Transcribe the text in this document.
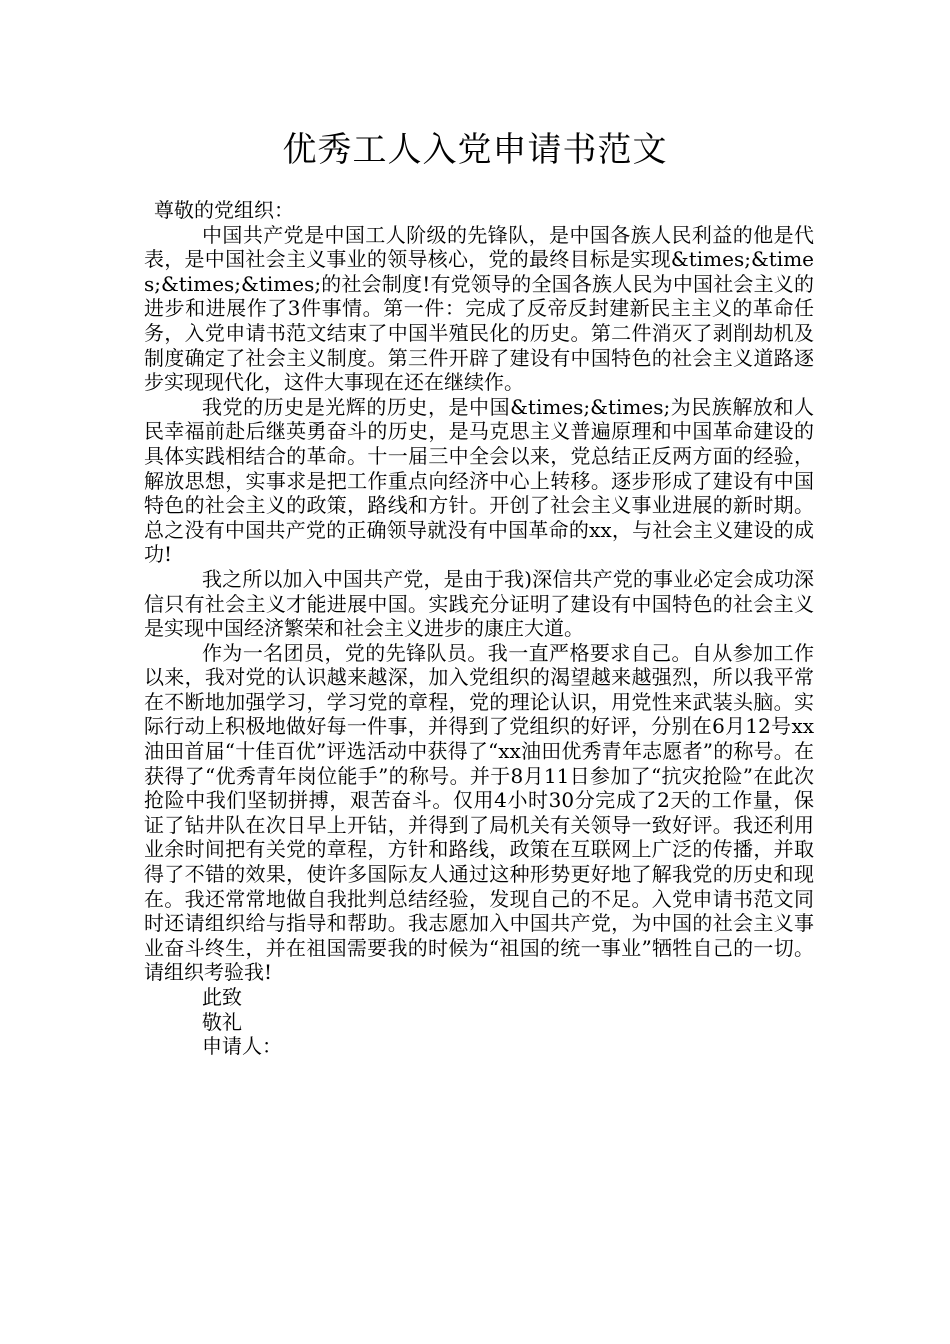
优秀工人入党申请书范文

尊敬的党组织：

中国共产党是中国工人阶级的先锋队，是中国各族人民利益的他是代表，是中国社会主义事业的领导核心，党的最终目标是实现&times;&times;&times;&times;的社会制度!有党领导的全国各族人民为中国社会主义的进步和进展作了3件事情。第一件：完成了反帝反封建新民主主义的革命任务，入党申请书范文结束了中国半殖民化的历史。第二件消灭了剥削劫机及制度确定了社会主义制度。第三件开辟了建设有中国特色的社会主义道路逐步实现现代化，这件大事现在还在继续作。

我党的历史是光辉的历史，是中国&times;&times;为民族解放和人民幸福前赴后继英勇奋斗的历史，是马克思主义普遍原理和中国革命建设的具体实践相结合的革命。十一届三中全会以来，党总结正反两方面的经验，解放思想，实事求是把工作重点向经济中心上转移。逐步形成了建设有中国特色的社会主义的政策，路线和方针。开创了社会主义事业进展的新时期。总之没有中国共产党的正确领导就没有中国革命的xx，与社会主义建设的成功!

我之所以加入中国共产党，是由于我)深信共产党的事业必定会成功深信只有社会主义才能进展中国。实践充分证明了建设有中国特色的社会主义是实现中国经济繁荣和社会主义进步的康庄大道。

作为一名团员，党的先锋队员。我一直严格要求自己。自从参加工作以来，我对党的认识越来越深，加入党组织的渴望越来越强烈，所以我平常在不断地加强学习，学习党的章程，党的理论认识，用党性来武装头脑。实际行动上积极地做好每一件事，并得到了党组织的好评，分别在6月12号xx油田首届“十佳百优”评选活动中获得了“xx油田优秀青年志愿者”的称号。在获得了“优秀青年岗位能手”的称号。并于8月11日参加了“抗灾抢险”在此次抢险中我们坚韧拼搏，艰苦奋斗。仅用4小时30分完成了2天的工作量，保证了钻井队在次日早上开钻，并得到了局机关有关领导一致好评。我还利用业余时间把有关党的章程，方针和路线，政策在互联网上广泛的传播，并取得了不错的效果，使许多国际友人通过这种形势更好地了解我党的历史和现在。我还常常地做自我批判总结经验，发现自己的不足。入党申请书范文同时还请组织给与指导和帮助。我志愿加入中国共产党，为中国的社会主义事业奋斗终生，并在祖国需要我的时候为“祖国的统一事业”牺牲自己的一切。请组织考验我!

此致

敬礼

申请人：
